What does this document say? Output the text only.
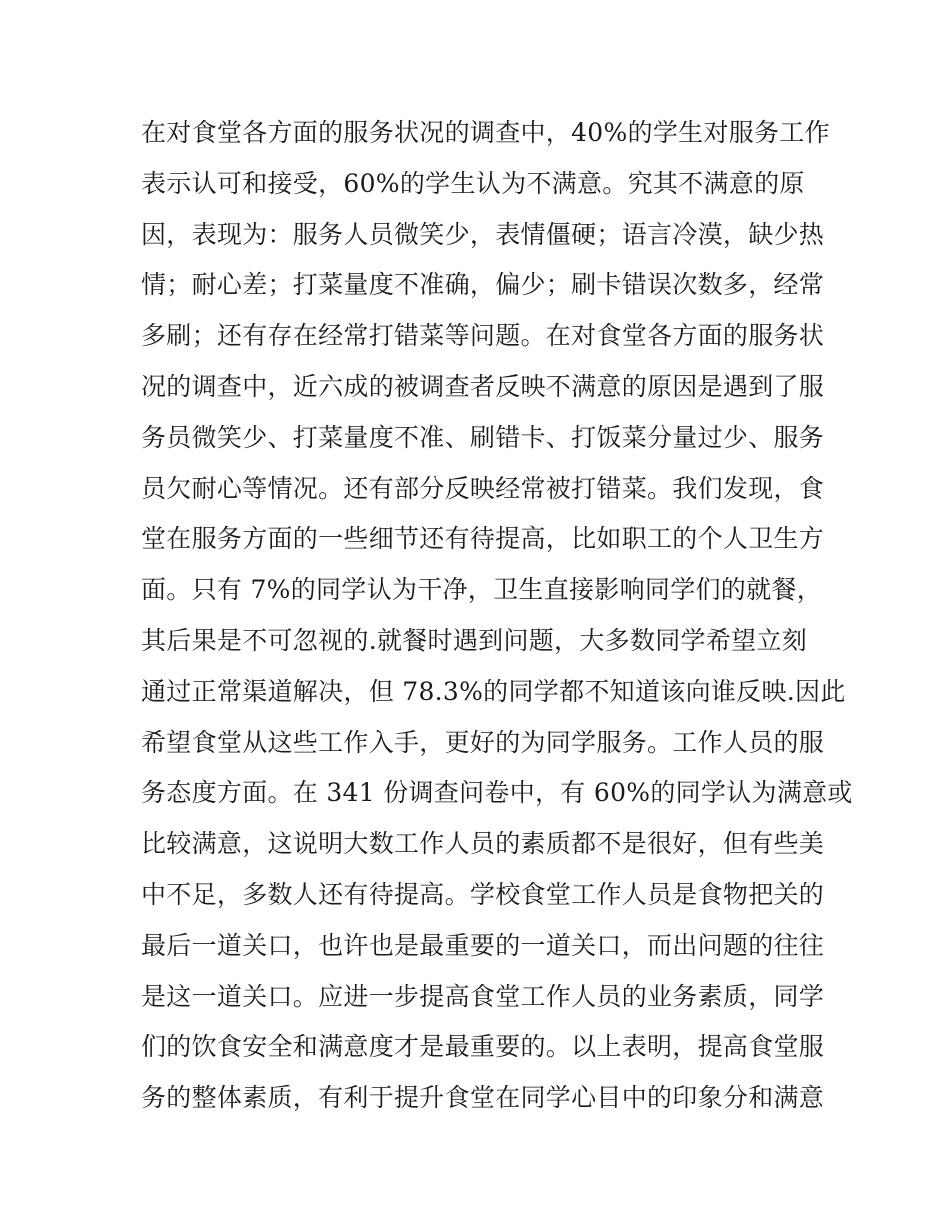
在对食堂各方面的服务状况的调查中，40%的学生对服务工作
表示认可和接受，60%的学生认为不满意。究其不满意的原
因，表现为：服务人员微笑少，表情僵硬；语言冷漠，缺少热
情；耐心差；打菜量度不准确，偏少；刷卡错误次数多，经常
多刷；还有存在经常打错菜等问题。在对食堂各方面的服务状
况的调查中，近六成的被调查者反映不满意的原因是遇到了服
务员微笑少、打菜量度不准、刷错卡、打饭菜分量过少、服务
员欠耐心等情况。还有部分反映经常被打错菜。我们发现，食
堂在服务方面的一些细节还有待提高，比如职工的个人卫生方
面。只有 7%的同学认为干净，卫生直接影响同学们的就餐，
其后果是不可忽视的.就餐时遇到问题，大多数同学希望立刻
通过正常渠道解决，但 78.3%的同学都不知道该向谁反映.因此
希望食堂从这些工作入手，更好的为同学服务。工作人员的服
务态度方面。在 341 份调查问卷中，有 60%的同学认为满意或
比较满意，这说明大数工作人员的素质都不是很好，但有些美
中不足，多数人还有待提高。学校食堂工作人员是食物把关的
最后一道关口，也许也是最重要的一道关口，而出问题的往往
是这一道关口。应进一步提高食堂工作人员的业务素质，同学
们的饮食安全和满意度才是最重要的。以上表明，提高食堂服
务的整体素质，有利于提升食堂在同学心目中的印象分和满意
